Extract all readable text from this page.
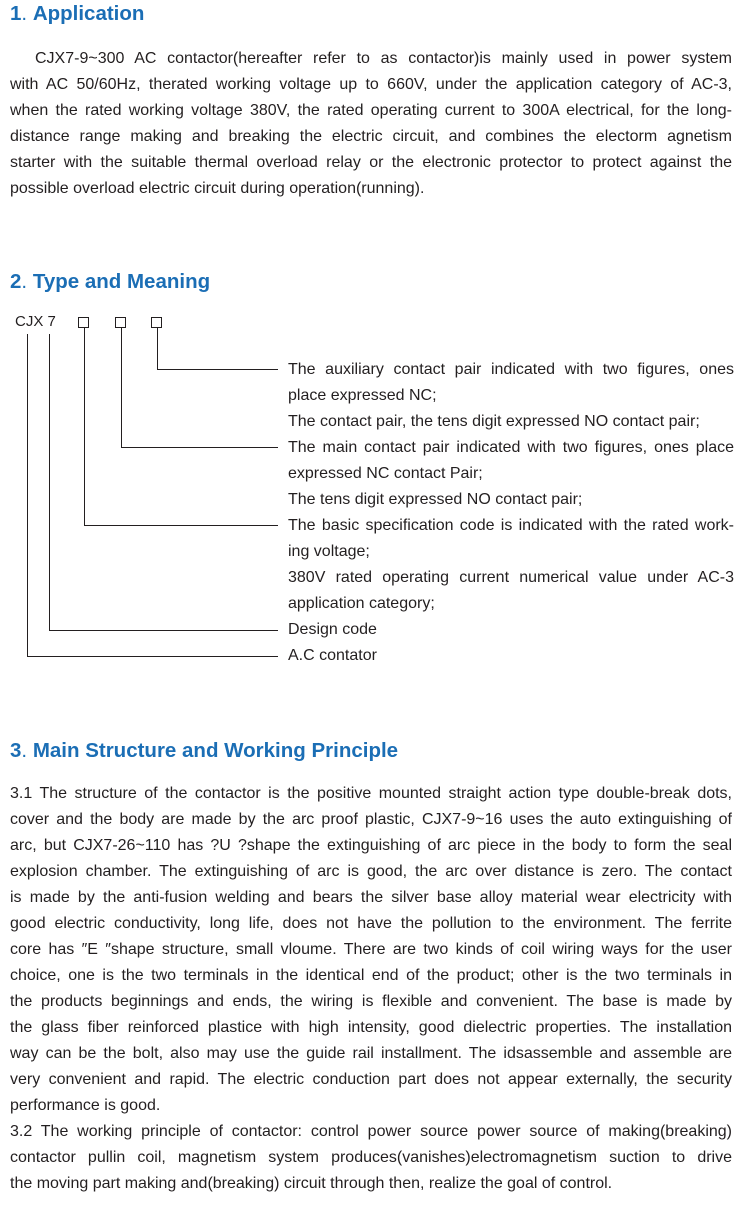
1. Application
CJX7-9~300 AC contactor(hereafter refer to as contactor)is mainly used in power system
with AC 50/60Hz, therated working voltage up to 660V, under the application category of AC-3,
when the rated working voltage 380V, the rated operating current to 300A electrical, for the long-
distance range making and breaking the electric circuit, and combines the electorm agnetism
starter with the suitable thermal overload relay or the electronic protector to protect against the
possible overload electric circuit during operation(running).
2. Type and Meaning
CJX 7
The auxiliary contact pair indicated with two figures, ones
place expressed NC;
The contact pair, the tens digit expressed NO contact pair;
The main contact pair indicated with two figures, ones place
expressed NC contact Pair;
The tens digit expressed NO contact pair;
The basic specification code is indicated with the rated work-
ing voltage;
380V rated operating current numerical value under AC-3
application category;
Design code
A.C contator
3. Main Structure and Working Principle
3.1 The structure of the contactor is the positive mounted straight action type double-break dots,
cover and the body are made by the arc proof plastic, CJX7-9~16 uses the auto extinguishing of
arc, but CJX7-26~110 has ?U ?shape the extinguishing of arc piece in the body to form the seal
explosion chamber. The extinguishing of arc is good, the arc over distance is zero. The contact
is made by the anti-fusion welding and bears the silver base alloy material wear electricity with
good electric conductivity, long life, does not have the pollution to the environment. The ferrite
core has ″E ″shape structure, small vloume. There are two kinds of coil wiring ways for the user
choice, one is the two terminals in the identical end of the product; other is the two terminals in
the products beginnings and ends, the wiring is flexible and convenient. The base is made by
the glass fiber reinforced plastice with high intensity, good dielectric properties. The installation
way can be the bolt, also may use the guide rail installment. The idsassemble and assemble are
very convenient and rapid. The electric conduction part does not appear externally, the security
performance is good.
3.2 The working principle of contactor: control power source power source of making(breaking)
contactor pullin coil, magnetism system produces(vanishes)electromagnetism suction to drive
the moving part making and(breaking) circuit through then, realize the goal of control.
